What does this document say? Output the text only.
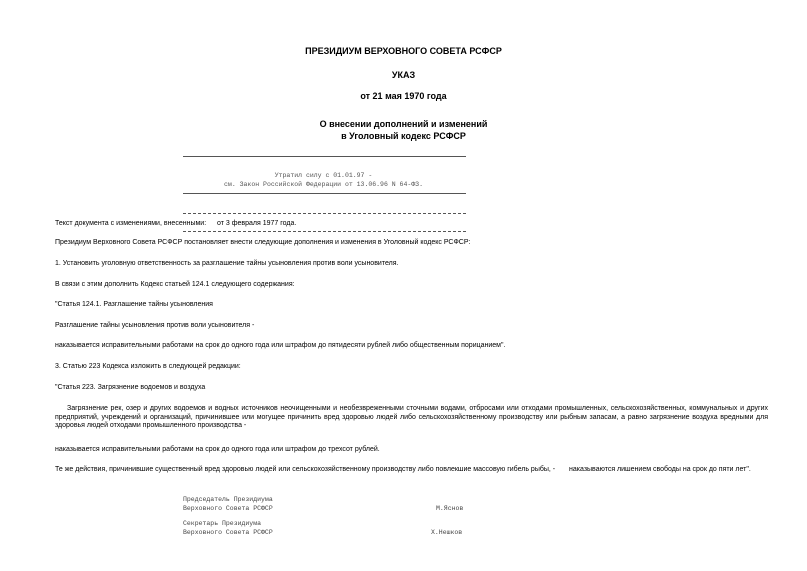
ПРЕЗИДИУМ ВЕРХОВНОГО СОВЕТА РСФСР
УКАЗ
от 21 мая 1970 года
О внесении дополнений и изменений
в Уголовный кодекс РСФСР
Утратил силу с 01.01.97 -
см. Закон Российской Федерации от 13.06.96 N 64-ФЗ.
Текст документа с изменениями, внесенными: от 3 февраля 1977 года.
Президиум Верховного Совета РСФСР постановляет внести следующие дополнения и изменения в Уголовный кодекс РСФСР:
1. Установить уголовную ответственность за разглашение тайны усыновления против воли усыновителя.
В связи с этим дополнить Кодекс статьей 124.1 следующего содержания:
"Статья 124.1. Разглашение тайны усыновления
Разглашение тайны усыновления против воли усыновителя -
наказывается исправительными работами на срок до одного года или штрафом до пятидесяти рублей либо общественным порицанием".
3. Статью 223 Кодекса изложить в следующей редакции:
"Статья 223. Загрязнение водоемов и воздуха
Загрязнение рек, озер и других водоемов и водных источников неочищенными и необезвреженными сточными водами, отбросами или отходами промышленных, сельскохозяйственных, коммунальных и других предприятий, учреждений и организаций, причинившее или могущее причинить вред здоровью людей либо сельскохозяйственному производству или рыбным запасам, а равно загрязнение воздуха вредными для здоровья людей отходами промышленного производства -
наказывается исправительными работами на срок до одного года или штрафом до трехсот рублей.
Те же действия, причинившие существенный вред здоровью людей или сельскохозяйственному производству либо повлекшие массовую гибель рыбы, - наказываются лишением свободы на срок до пяти лет".
Председатель Президиума
Верховного Совета РСФСР	М.Яснов
Секретарь Президиума
Верховного Совета РСФСР	Х.Нешков
